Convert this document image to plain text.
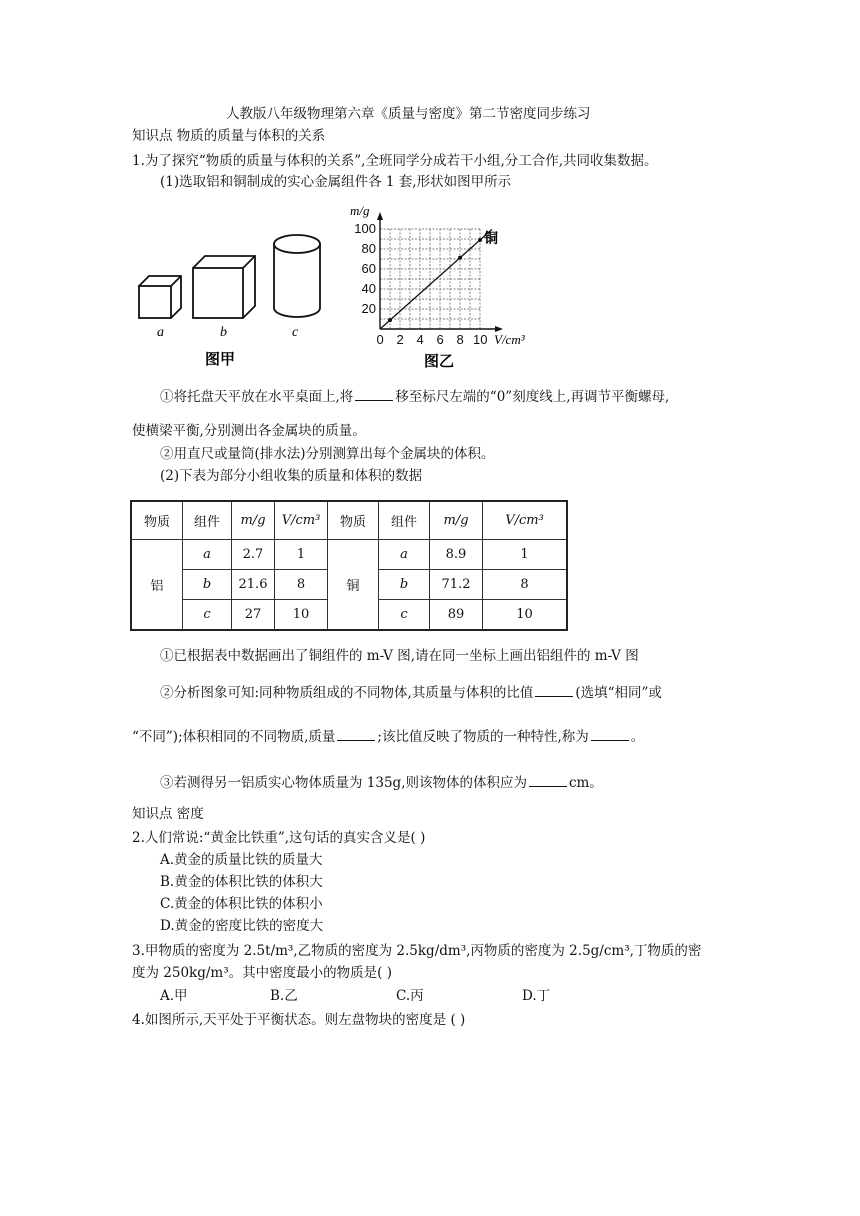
人教版八年级物理第六章《质量与密度》第二节密度同步练习
知识点 物质的质量与体积的关系
1.为了探究“物质的质量与体积的关系”,全班同学分成若干小组,分工合作,共同收集数据。
(1)选取铝和铜制成的实心金属组件各 1 套,形状如图甲所示
a	b	c
图甲
0 2 4 6 8 10
20
40
60
80
100
m/g
V/cm³
铜
图乙
①将托盘天平放在水平桌面上,将	移至标尺左端的“0”刻度线上,再调节平衡螺母,
使横梁平衡,分别测出各金属块的质量。
②用直尺或量筒(排水法)分别测算出每个金属块的体积。
(2)下表为部分小组收集的质量和体积的数据
物质	组件	m/g	V/cm³	物质	组件	m/g	V/cm³
铝	a	2.7	1	铜	a	8.9	1
	b	21.6	8		b	71.2	8
	c	27	10		c	89	10
①已根据表中数据画出了铜组件的 m-V 图,请在同一坐标上画出铝组件的 m-V 图
②分析图象可知:同种物质组成的不同物体,其质量与体积的比值	(选填“相同”或
“不同”);体积相同的不同物质,质量	;该比值反映了物质的一种特性,称为	。
③若测得另一铝质实心物体质量为 135g,则该物体的体积应为	cm。
知识点 密度
2.人们常说:“黄金比铁重”,这句话的真实含义是( )
A.黄金的质量比铁的质量大
B.黄金的体积比铁的体积大
C.黄金的体积比铁的体积小
D.黄金的密度比铁的密度大
3.甲物质的密度为 2.5t/m³,乙物质的密度为 2.5kg/dm³,丙物质的密度为 2.5g/cm³,丁物质的密
度为 250kg/m³。其中密度最小的物质是( )
A.甲	B.乙	C.丙	D.丁
4.如图所示,天平处于平衡状态。则左盘物块的密度是 ( )
